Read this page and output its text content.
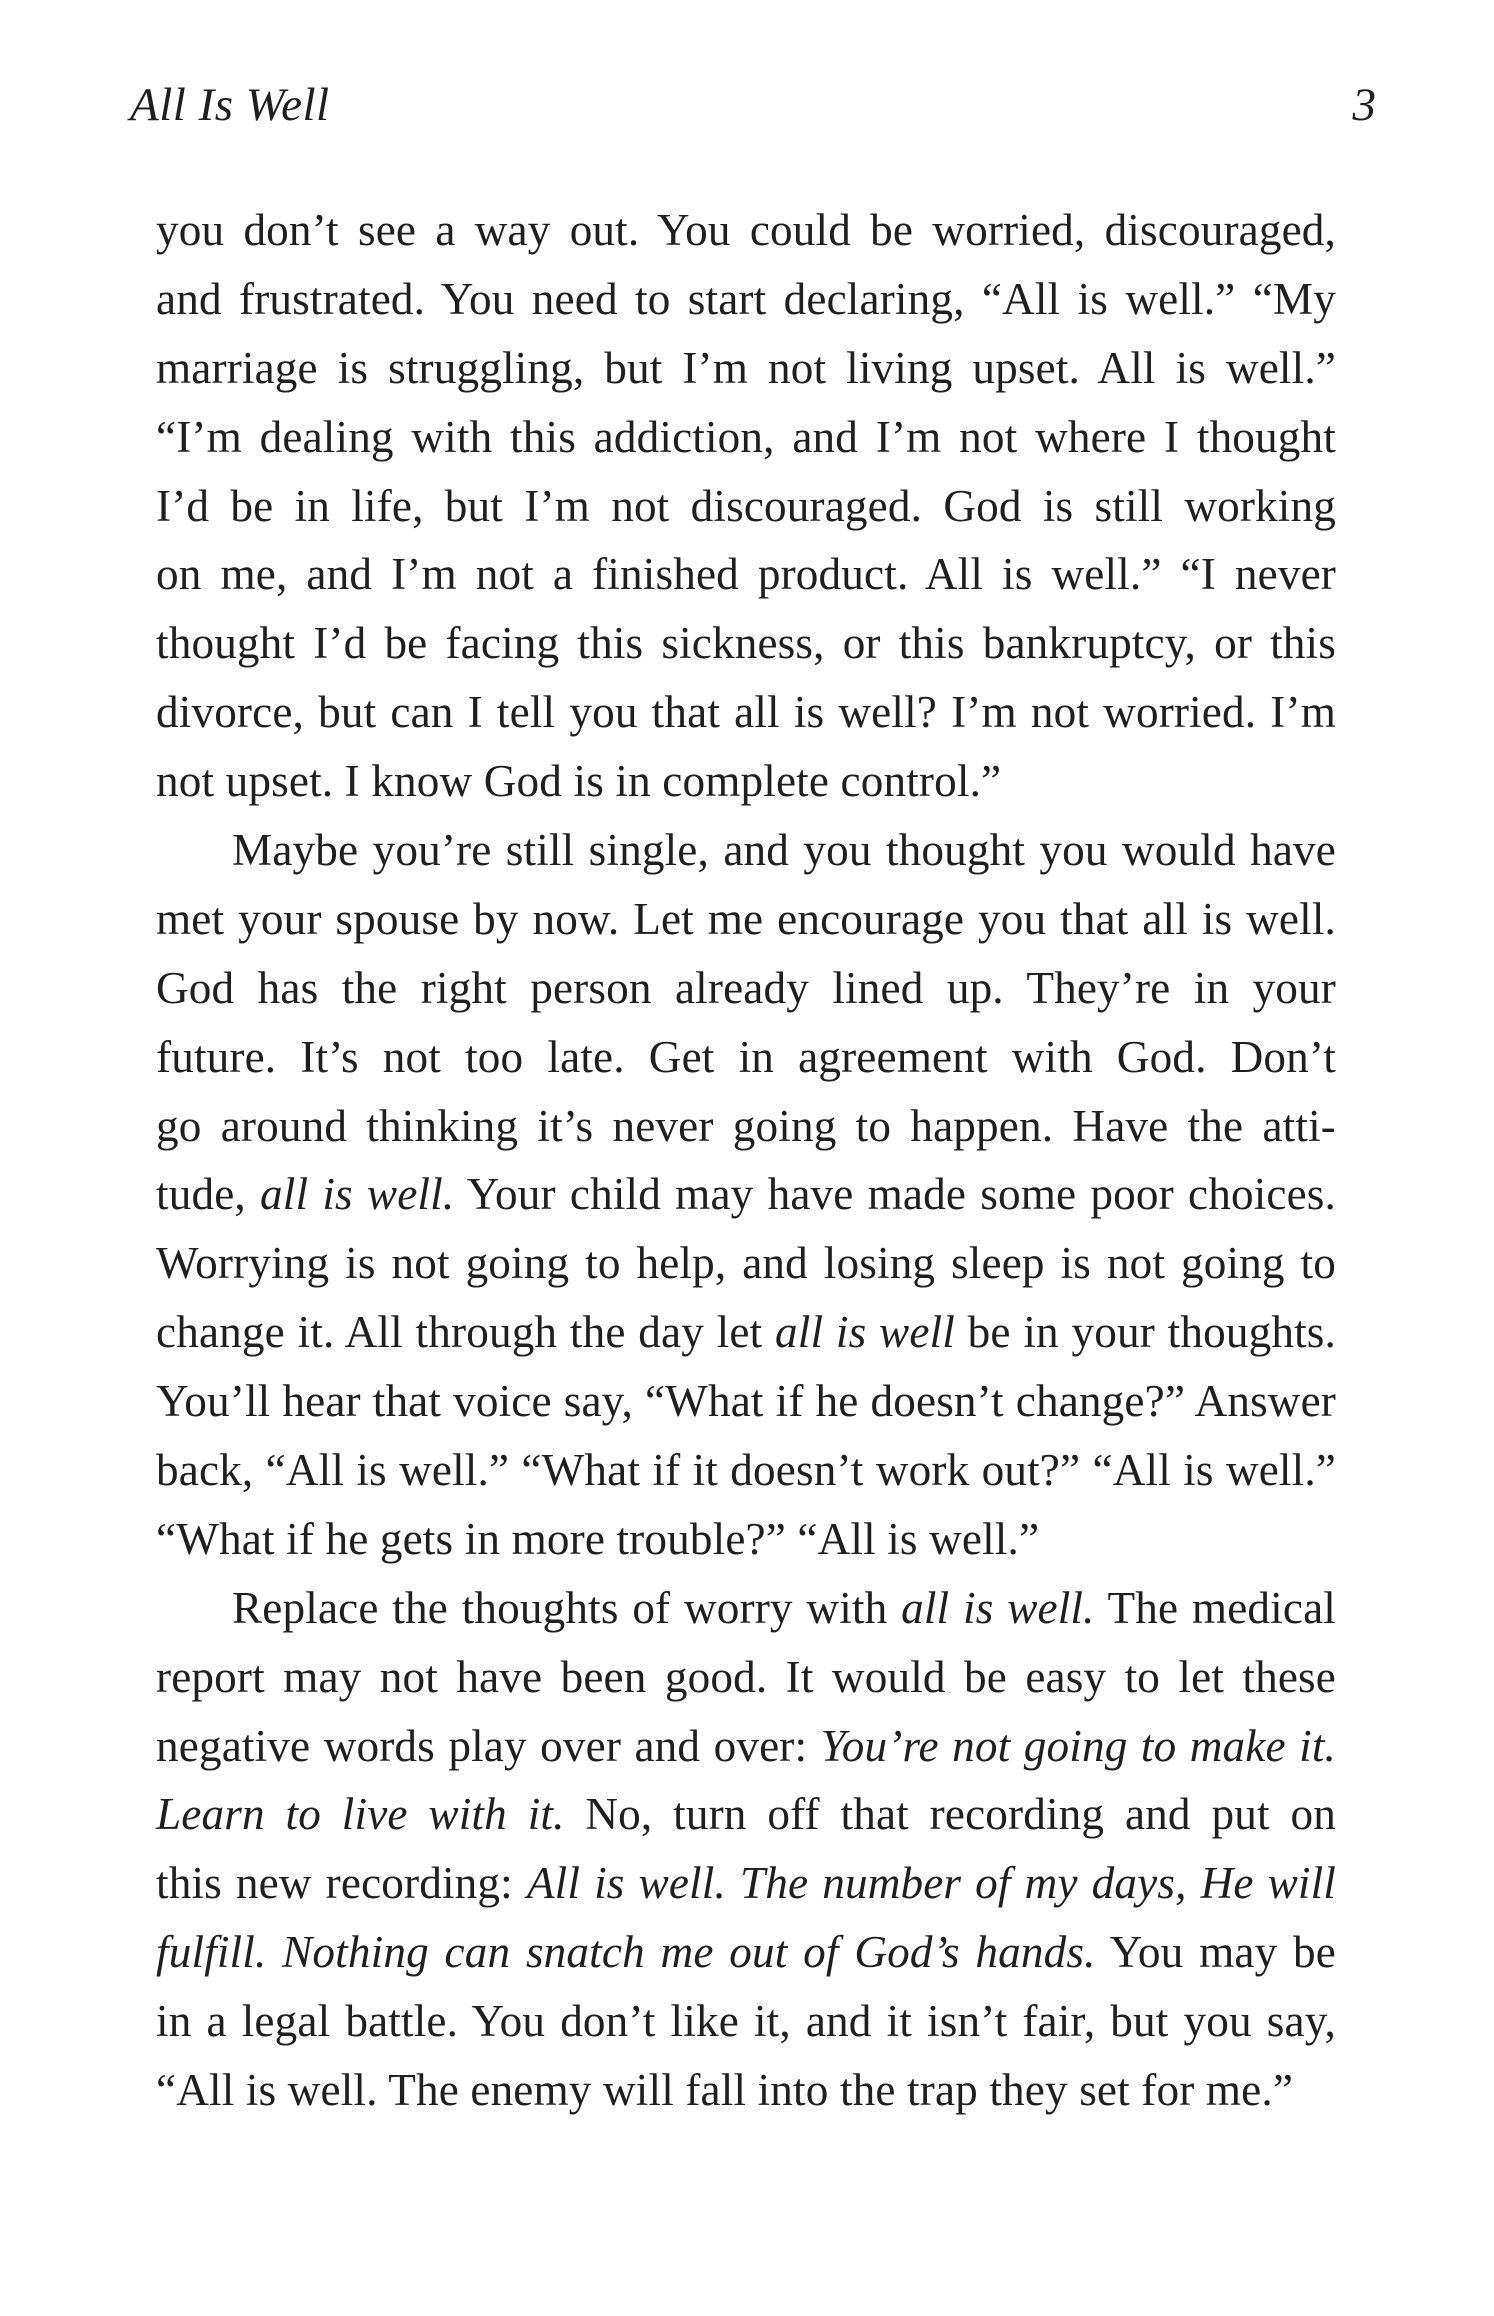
All Is Well	3
you don’t see a way out. You could be worried, discouraged,
and frustrated. You need to start declaring, “All is well.” “My
marriage is struggling, but I’m not living upset. All is well.”
“I’m dealing with this addiction, and I’m not where I thought
I’d be in life, but I’m not discouraged. God is still working
on me, and I’m not a finished product. All is well.” “I never
thought I’d be facing this sickness, or this bankruptcy, or this
divorce, but can I tell you that all is well? I’m not worried. I’m
not upset. I know God is in complete control.”
Maybe you’re still single, and you thought you would have
met your spouse by now. Let me encourage you that all is well.
God has the right person already lined up. They’re in your
future. It’s not too late. Get in agreement with God. Don’t
go around thinking it’s never going to happen. Have the atti-
tude, all is well. Your child may have made some poor choices.
Worrying is not going to help, and losing sleep is not going to
change it. All through the day let all is well be in your thoughts.
You’ll hear that voice say, “What if he doesn’t change?” Answer
back, “All is well.” “What if it doesn’t work out?” “All is well.”
“What if he gets in more trouble?” “All is well.”
Replace the thoughts of worry with all is well. The medical
report may not have been good. It would be easy to let these
negative words play over and over: You’re not going to make it.
Learn to live with it. No, turn off that recording and put on
this new recording: All is well. The number of my days, He will
fulfill. Nothing can snatch me out of God’s hands. You may be
in a legal battle. You don’t like it, and it isn’t fair, but you say,
“All is well. The enemy will fall into the trap they set for me.”
